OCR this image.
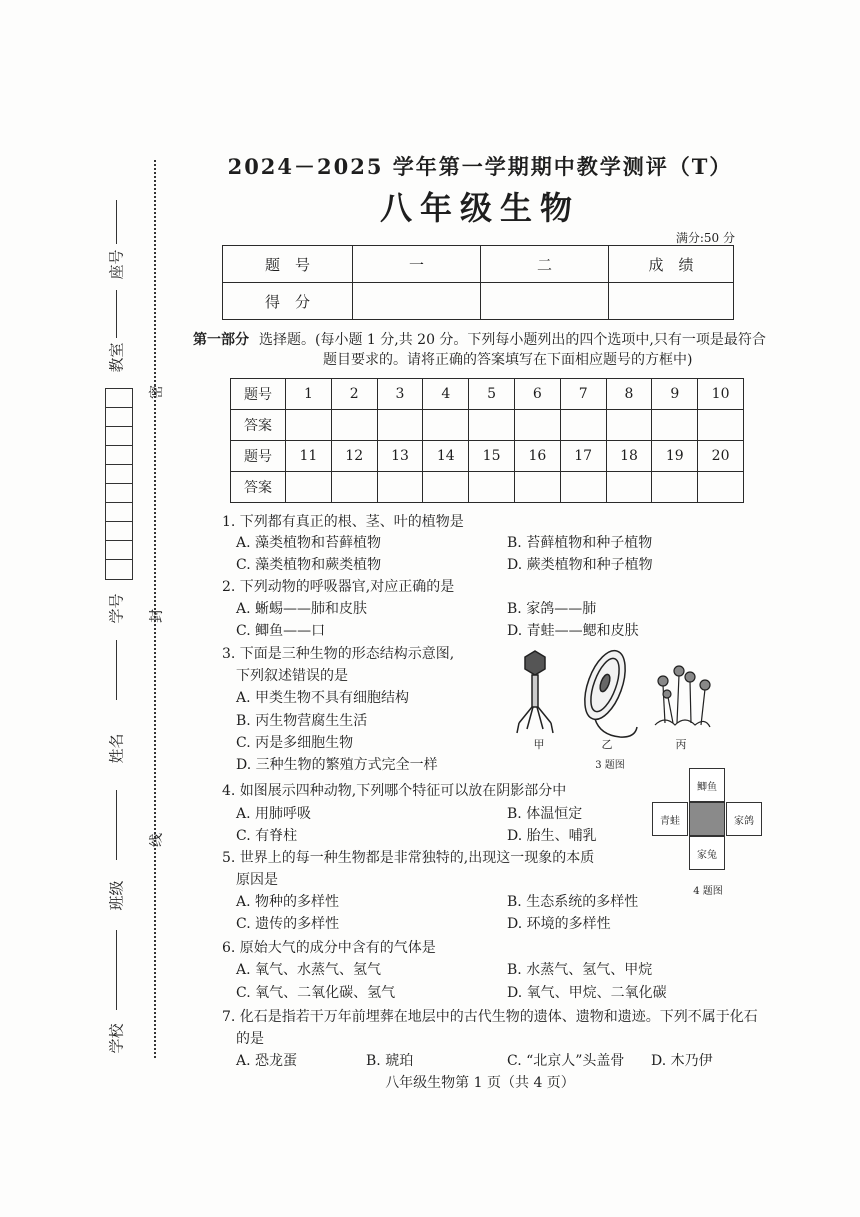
密
封
线
座号
教室
学号
姓名
班级
学校
2024－2025 学年第一学期期中教学测评（T）
八年级生物
满分:50 分
题　号	一	二	成　绩
得　分			
第一部分 选择题。(每小题 1 分,共 20 分。下列每小题列出的四个选项中,只有一项是最符合
题目要求的。请将正确的答案填写在下面相应题号的方框中)
题号	1	2	3	4	5	6	7	8	9	10
答案										
题号	11	12	13	14	15	16	17	18	19	20
答案										
1. 下列都有真正的根、茎、叶的植物是
A. 藻类植物和苔藓植物	B. 苔藓植物和种子植物
C. 藻类植物和蕨类植物	D. 蕨类植物和种子植物
2. 下列动物的呼吸器官,对应正确的是
A. 蜥蜴——肺和皮肤	B. 家鸽——肺
C. 鲫鱼——口	D. 青蛙——鳃和皮肤
3. 下面是三种生物的形态结构示意图,
下列叙述错误的是
A. 甲类生物不具有细胞结构
B. 丙生物营腐生生活
C. 丙是多细胞生物
D. 三种生物的繁殖方式完全一样
甲	乙	丙
3 题图
4. 如图展示四种动物,下列哪个特征可以放在阴影部分中
A. 用肺呼吸	B. 体温恒定
C. 有脊柱	D. 胎生、哺乳
鲫鱼
青蛙	家鸽
家兔
4 题图
5. 世界上的每一种生物都是非常独特的,出现这一现象的本质
原因是
A. 物种的多样性	B. 生态系统的多样性
C. 遗传的多样性	D. 环境的多样性
6. 原始大气的成分中含有的气体是
A. 氧气、水蒸气、氢气	B. 水蒸气、氢气、甲烷
C. 氧气、二氧化碳、氢气	D. 氧气、甲烷、二氧化碳
7. 化石是指若干万年前埋葬在地层中的古代生物的遗体、遗物和遗迹。下列不属于化石
的是
A. 恐龙蛋	B. 琥珀	C. “北京人”头盖骨 D. 木乃伊
八年级生物第 1 页（共 4 页）
